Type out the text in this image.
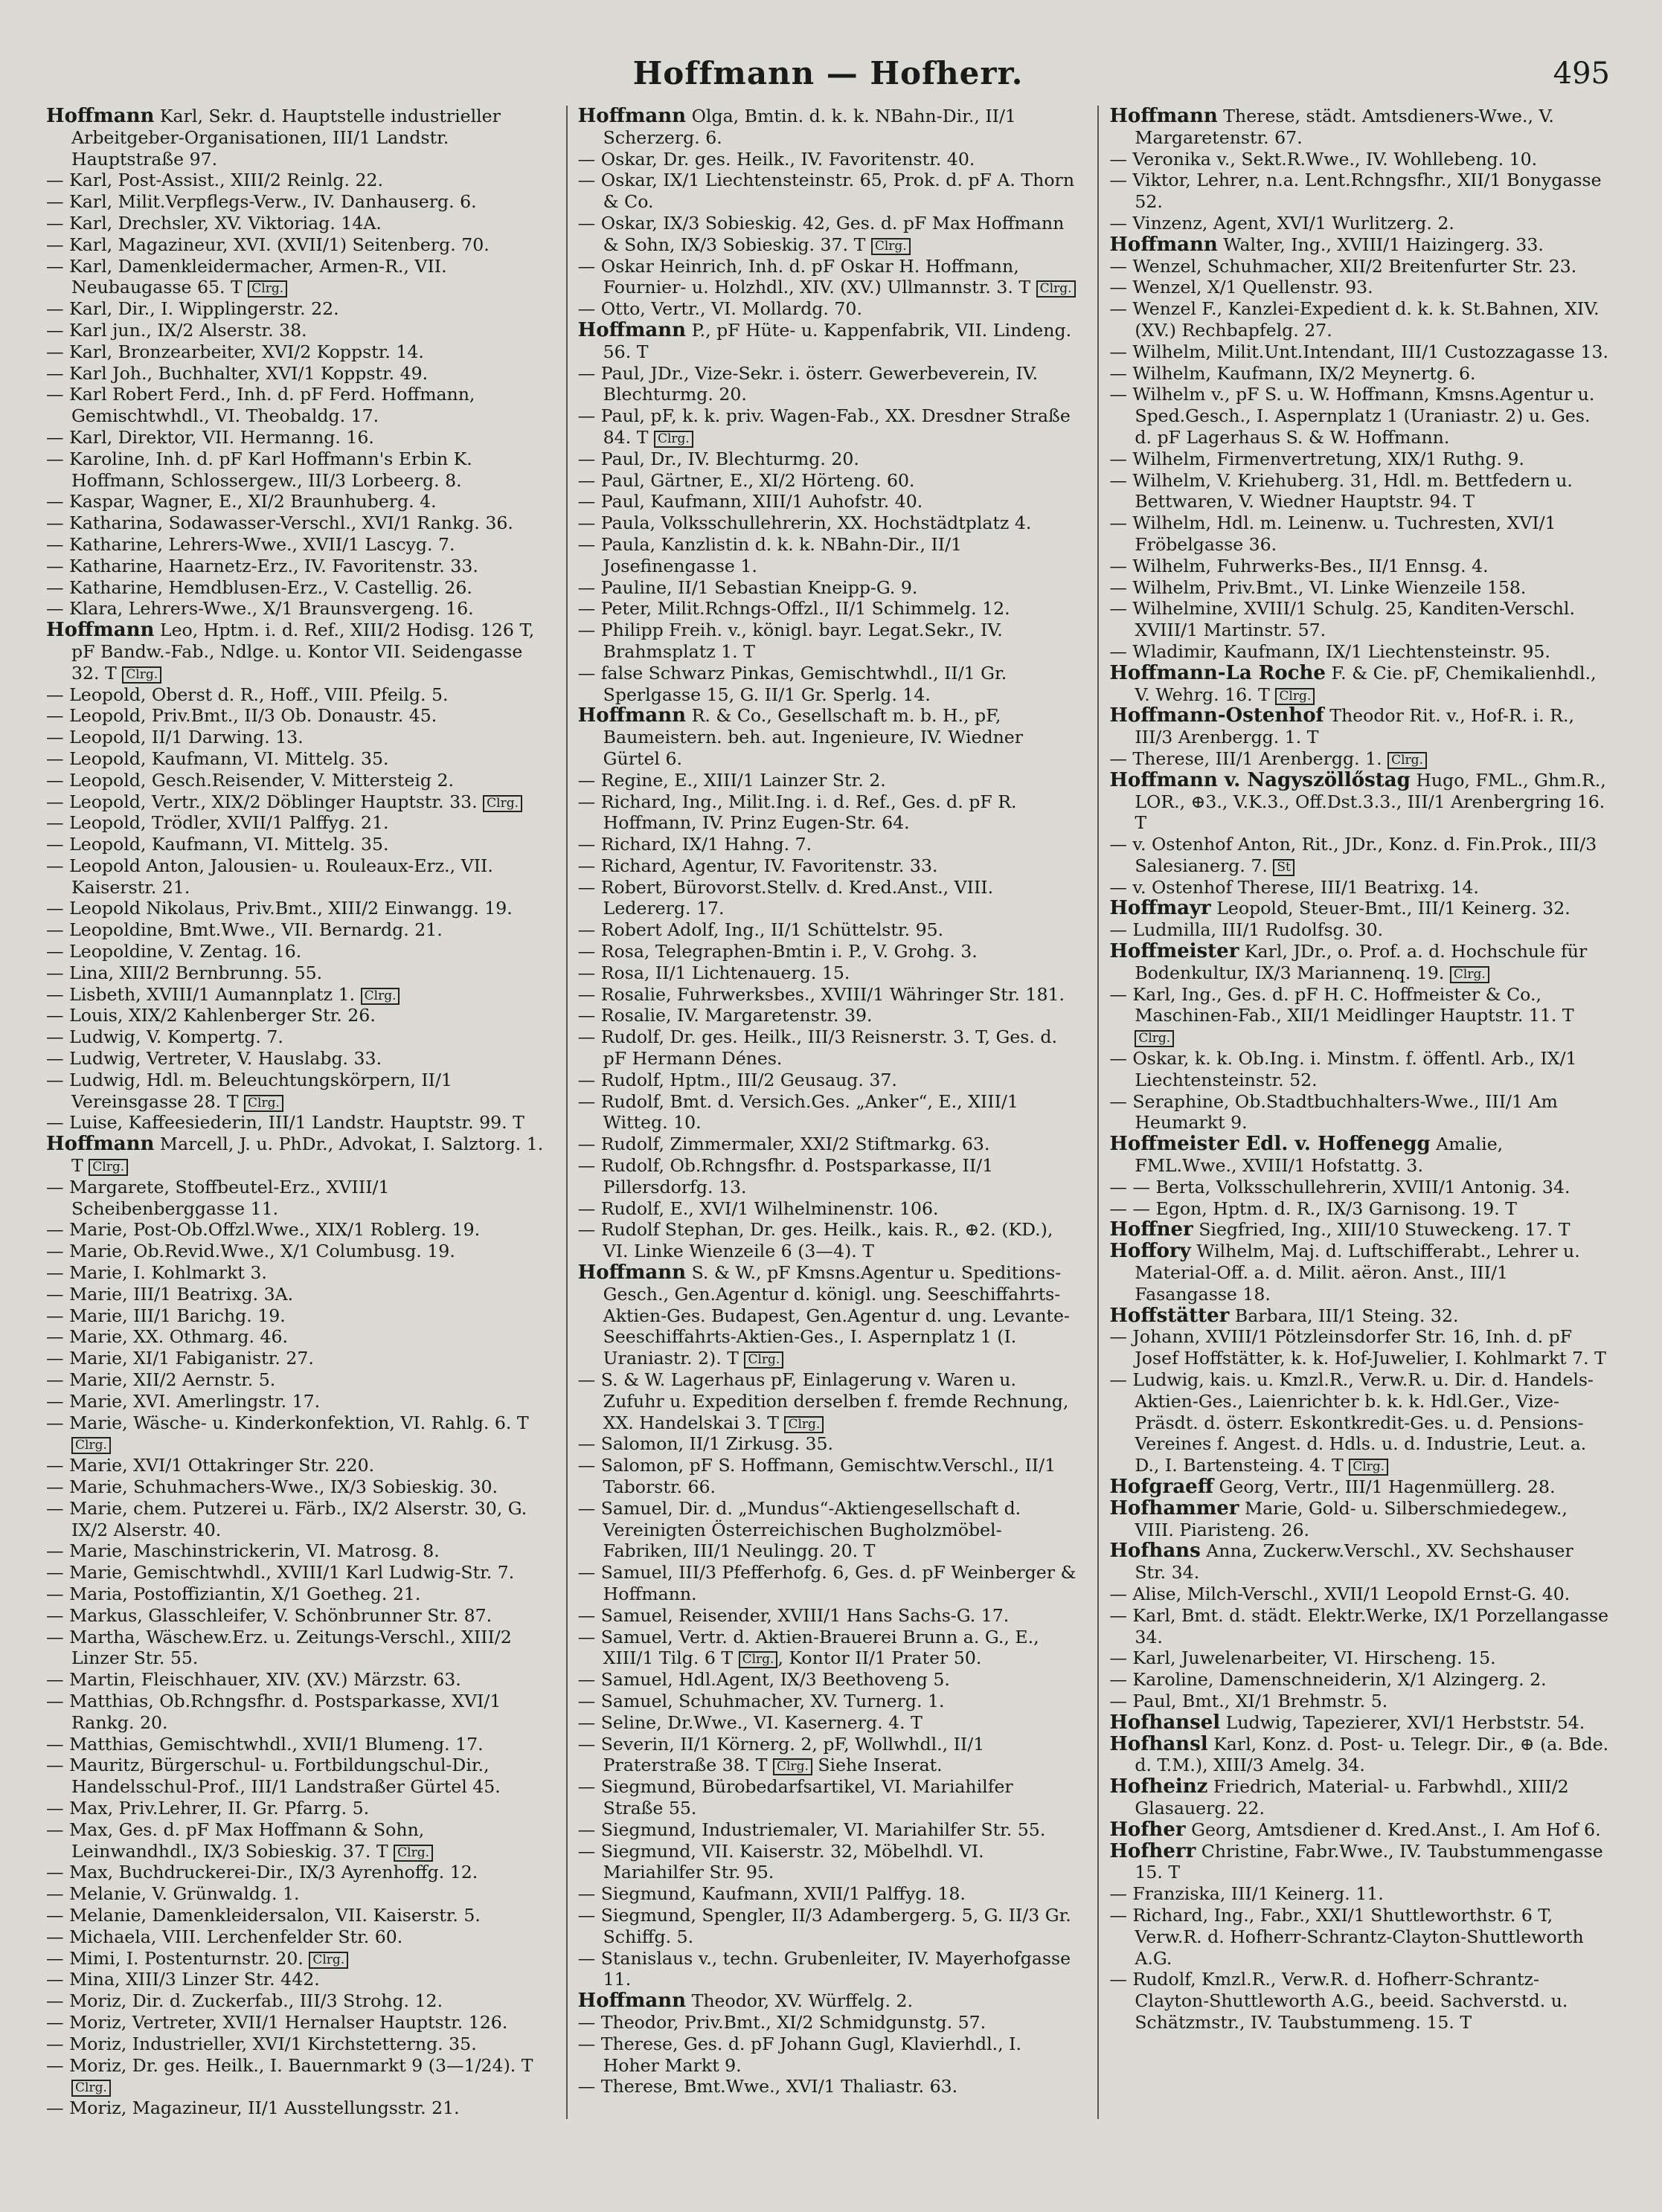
Hoffmann — Hofherr.	495
Hoffmann Karl, Sekr. d. Hauptstelle industrieller Arbeitgeber-Organisationen, III/1 Landstr. Hauptstraße 97.
— Karl, Post-Assist., XIII/2 Reinlg. 22.
— Karl, Milit.Verpflegs-Verw., IV. Danhauserg. 6.
— Karl, Drechsler, XV. Viktoriag. 14A.
— Karl, Magazineur, XVI. (XVII/1) Seitenberg. 70.
— Karl, Damenkleidermacher, Armen-R., VII. Neubaugasse 65. T Clrg.
— Karl, Dir., I. Wipplingerstr. 22.
— Karl jun., IX/2 Alserstr. 38.
— Karl, Bronzearbeiter, XVI/2 Koppstr. 14.
— Karl Joh., Buchhalter, XVI/1 Koppstr. 49.
— Karl Robert Ferd., Inh. d. pF Ferd. Hoffmann, Gemischtwhdl., VI. Theobaldg. 17.
— Karl, Direktor, VII. Hermanng. 16.
— Karoline, Inh. d. pF Karl Hoffmann's Erbin K. Hoffmann, Schlossergew., III/3 Lorbeerg. 8.
— Kaspar, Wagner, E., XI/2 Braunhuberg. 4.
— Katharina, Sodawasser-Verschl., XVI/1 Rankg. 36.
— Katharine, Lehrers-Wwe., XVII/1 Lascyg. 7.
— Katharine, Haarnetz-Erz., IV. Favoritenstr. 33.
— Katharine, Hemdblusen-Erz., V. Castellig. 26.
— Klara, Lehrers-Wwe., X/1 Braunsvergeng. 16.
Hoffmann Leo, Hptm. i. d. Ref., XIII/2 Hodisg. 126 T, pF Bandw.-Fab., Ndlge. u. Kontor VII. Seidengasse 32. T Clrg.
— Leopold, Oberst d. R., Hoff., VIII. Pfeilg. 5.
— Leopold, Priv.Bmt., II/3 Ob. Donaustr. 45.
— Leopold, II/1 Darwing. 13.
— Leopold, Kaufmann, VI. Mittelg. 35.
— Leopold, Gesch.Reisender, V. Mittersteig 2.
— Leopold, Vertr., XIX/2 Döblinger Hauptstr. 33. Clrg.
— Leopold, Trödler, XVII/1 Palffyg. 21.
— Leopold, Kaufmann, VI. Mittelg. 35.
— Leopold Anton, Jalousien- u. Rouleaux-Erz., VII. Kaiserstr. 21.
— Leopold Nikolaus, Priv.Bmt., XIII/2 Einwangg. 19.
— Leopoldine, Bmt.Wwe., VII. Bernardg. 21.
— Leopoldine, V. Zentag. 16.
— Lina, XIII/2 Bernbrunng. 55.
— Lisbeth, XVIII/1 Aumannplatz 1. Clrg.
— Louis, XIX/2 Kahlenberger Str. 26.
— Ludwig, V. Kompertg. 7.
— Ludwig, Vertreter, V. Hauslabg. 33.
— Ludwig, Hdl. m. Beleuchtungskörpern, II/1 Vereinsgasse 28. T Clrg.
— Luise, Kaffeesiederin, III/1 Landstr. Hauptstr. 99. T
Hoffmann Marcell, J. u. PhDr., Advokat, I. Salztorg. 1. T Clrg.
— Margarete, Stoffbeutel-Erz., XVIII/1 Scheibenberggasse 11.
— Marie, Post-Ob.Offzl.Wwe., XIX/1 Roblerg. 19.
— Marie, Ob.Revid.Wwe., X/1 Columbusg. 19.
— Marie, I. Kohlmarkt 3.
— Marie, III/1 Beatrixg. 3A.
— Marie, III/1 Barichg. 19.
— Marie, XX. Othmarg. 46.
— Marie, XI/1 Fabiganistr. 27.
— Marie, XII/2 Aernstr. 5.
— Marie, XVI. Amerlingstr. 17.
— Marie, Wäsche- u. Kinderkonfektion, VI. Rahlg. 6. T Clrg.
— Marie, XVI/1 Ottakringer Str. 220.
— Marie, Schuhmachers-Wwe., IX/3 Sobieskig. 30.
— Marie, chem. Putzerei u. Färb., IX/2 Alserstr. 30, G. IX/2 Alserstr. 40.
— Marie, Maschinstrickerin, VI. Matrosg. 8.
— Marie, Gemischtwhdl., XVIII/1 Karl Ludwig-Str. 7.
— Maria, Postoffiziantin, X/1 Goetheg. 21.
— Markus, Glasschleifer, V. Schönbrunner Str. 87.
— Martha, Wäschew.Erz. u. Zeitungs-Verschl., XIII/2 Linzer Str. 55.
— Martin, Fleischhauer, XIV. (XV.) Märzstr. 63.
— Matthias, Ob.Rchngsfhr. d. Postsparkasse, XVI/1 Rankg. 20.
— Matthias, Gemischtwhdl., XVII/1 Blumeng. 17.
— Mauritz, Bürgerschul- u. Fortbildungschul-Dir., Handelsschul-Prof., III/1 Landstraßer Gürtel 45.
— Max, Priv.Lehrer, II. Gr. Pfarrg. 5.
— Max, Ges. d. pF Max Hoffmann & Sohn, Leinwandhdl., IX/3 Sobieskig. 37. T Clrg.
— Max, Buchdruckerei-Dir., IX/3 Ayrenhoffg. 12.
— Melanie, V. Grünwaldg. 1.
— Melanie, Damenkleidersalon, VII. Kaiserstr. 5.
— Michaela, VIII. Lerchenfelder Str. 60.
— Mimi, I. Postenturnstr. 20. Clrg.
— Mina, XIII/3 Linzer Str. 442.
— Moriz, Dir. d. Zuckerfab., III/3 Strohg. 12.
— Moriz, Vertreter, XVII/1 Hernalser Hauptstr. 126.
— Moriz, Industrieller, XVI/1 Kirchstetterng. 35.
— Moriz, Dr. ges. Heilk., I. Bauernmarkt 9 (3—1/24). T Clrg.
— Moriz, Magazineur, II/1 Ausstellungsstr. 21.
Hoffmann Olga, Bmtin. d. k. k. NBahn-Dir., II/1 Scherzerg. 6.
— Oskar, Dr. ges. Heilk., IV. Favoritenstr. 40.
— Oskar, IX/1 Liechtensteinstr. 65, Prok. d. pF A. Thorn & Co.
— Oskar, IX/3 Sobieskig. 42, Ges. d. pF Max Hoffmann & Sohn, IX/3 Sobieskig. 37. T Clrg.
— Oskar Heinrich, Inh. d. pF Oskar H. Hoffmann, Fournier- u. Holzhdl., XIV. (XV.) Ullmannstr. 3. T Clrg.
— Otto, Vertr., VI. Mollardg. 70.
Hoffmann P., pF Hüte- u. Kappenfabrik, VII. Lindeng. 56. T
— Paul, JDr., Vize-Sekr. i. österr. Gewerbeverein, IV. Blechturmg. 20.
— Paul, pF, k. k. priv. Wagen-Fab., XX. Dresdner Straße 84. T Clrg.
— Paul, Dr., IV. Blechturmg. 20.
— Paul, Gärtner, E., XI/2 Hörteng. 60.
— Paul, Kaufmann, XIII/1 Auhofstr. 40.
— Paula, Volksschullehrerin, XX. Hochstädtplatz 4.
— Paula, Kanzlistin d. k. k. NBahn-Dir., II/1 Josefinengasse 1.
— Pauline, II/1 Sebastian Kneipp-G. 9.
— Peter, Milit.Rchngs-Offzl., II/1 Schimmelg. 12.
— Philipp Freih. v., königl. bayr. Legat.Sekr., IV. Brahmsplatz 1. T
— false Schwarz Pinkas, Gemischtwhdl., II/1 Gr. Sperlgasse 15, G. II/1 Gr. Sperlg. 14.
Hoffmann R. & Co., Gesellschaft m. b. H., pF, Baumeistern. beh. aut. Ingenieure, IV. Wiedner Gürtel 6.
— Regine, E., XIII/1 Lainzer Str. 2.
— Richard, Ing., Milit.Ing. i. d. Ref., Ges. d. pF R. Hoffmann, IV. Prinz Eugen-Str. 64.
— Richard, IX/1 Hahng. 7.
— Richard, Agentur, IV. Favoritenstr. 33.
— Robert, Bürovorst.Stellv. d. Kred.Anst., VIII. Ledererg. 17.
— Robert Adolf, Ing., II/1 Schüttelstr. 95.
— Rosa, Telegraphen-Bmtin i. P., V. Grohg. 3.
— Rosa, II/1 Lichtenauerg. 15.
— Rosalie, Fuhrwerksbes., XVIII/1 Währinger Str. 181.
— Rosalie, IV. Margaretenstr. 39.
— Rudolf, Dr. ges. Heilk., III/3 Reisnerstr. 3. T, Ges. d. pF Hermann Dénes.
— Rudolf, Hptm., III/2 Geusaug. 37.
— Rudolf, Bmt. d. Versich.Ges. „Anker“, E., XIII/1 Witteg. 10.
— Rudolf, Zimmermaler, XXI/2 Stiftmarkg. 63.
— Rudolf, Ob.Rchngsfhr. d. Postsparkasse, II/1 Pillersdorfg. 13.
— Rudolf, E., XVI/1 Wilhelminenstr. 106.
— Rudolf Stephan, Dr. ges. Heilk., kais. R., ⊕2. (KD.), VI. Linke Wienzeile 6 (3—4). T
Hoffmann S. & W., pF Kmsns.Agentur u. Speditions-Gesch., Gen.Agentur d. königl. ung. Seeschiffahrts-Aktien-Ges. Budapest, Gen.Agentur d. ung. Levante-Seeschiffahrts-Aktien-Ges., I. Aspernplatz 1 (I. Uraniastr. 2). T Clrg.
— S. & W. Lagerhaus pF, Einlagerung v. Waren u. Zufuhr u. Expedition derselben f. fremde Rechnung, XX. Handelskai 3. T Clrg.
— Salomon, II/1 Zirkusg. 35.
— Salomon, pF S. Hoffmann, Gemischtw.Verschl., II/1 Taborstr. 66.
— Samuel, Dir. d. „Mundus“-Aktiengesellschaft d. Vereinigten Österreichischen Bugholzmöbel-Fabriken, III/1 Neulingg. 20. T
— Samuel, III/3 Pfefferhofg. 6, Ges. d. pF Weinberger & Hoffmann.
— Samuel, Reisender, XVIII/1 Hans Sachs-G. 17.
— Samuel, Vertr. d. Aktien-Brauerei Brunn a. G., E., XIII/1 Tilg. 6 T Clrg. , Kontor II/1 Prater 50.
— Samuel, Hdl.Agent, IX/3 Beethoveng 5.
— Samuel, Schuhmacher, XV. Turnerg. 1.
— Seline, Dr.Wwe., VI. Kasernerg. 4. T
— Severin, II/1 Körnerg. 2, pF, Wollwhdl., II/1 Praterstraße 38. T Clrg. Siehe Inserat.
— Siegmund, Bürobedarfsartikel, VI. Mariahilfer Straße 55.
— Siegmund, Industriemaler, VI. Mariahilfer Str. 55.
— Siegmund, VII. Kaiserstr. 32, Möbelhdl. VI. Mariahilfer Str. 95.
— Siegmund, Kaufmann, XVII/1 Palffyg. 18.
— Siegmund, Spengler, II/3 Adambergerg. 5, G. II/3 Gr. Schiffg. 5.
— Stanislaus v., techn. Grubenleiter, IV. Mayerhofgasse 11.
Hoffmann Theodor, XV. Würffelg. 2.
— Theodor, Priv.Bmt., XI/2 Schmidgunstg. 57.
— Therese, Ges. d. pF Johann Gugl, Klavierhdl., I. Hoher Markt 9.
— Therese, Bmt.Wwe., XVI/1 Thaliastr. 63.
Hoffmann Therese, städt. Amtsdieners-Wwe., V. Margaretenstr. 67.
— Veronika v., Sekt.R.Wwe., IV. Wohllebeng. 10.
— Viktor, Lehrer, n.a. Lent.Rchngsfhr., XII/1 Bonygasse 52.
— Vinzenz, Agent, XVI/1 Wurlitzerg. 2.
Hoffmann Walter, Ing., XVIII/1 Haizingerg. 33.
— Wenzel, Schuhmacher, XII/2 Breitenfurter Str. 23.
— Wenzel, X/1 Quellenstr. 93.
— Wenzel F., Kanzlei-Expedient d. k. k. St.Bahnen, XIV. (XV.) Rechbapfelg. 27.
— Wilhelm, Milit.Unt.Intendant, III/1 Custozzagasse 13.
— Wilhelm, Kaufmann, IX/2 Meynertg. 6.
— Wilhelm v., pF S. u. W. Hoffmann, Kmsns.Agentur u. Sped.Gesch., I. Aspernplatz 1 (Uraniastr. 2) u. Ges. d. pF Lagerhaus S. & W. Hoffmann.
— Wilhelm, Firmenvertretung, XIX/1 Ruthg. 9.
— Wilhelm, V. Kriehuberg. 31, Hdl. m. Bettfedern u. Bettwaren, V. Wiedner Hauptstr. 94. T
— Wilhelm, Hdl. m. Leinenw. u. Tuchresten, XVI/1 Fröbelgasse 36.
— Wilhelm, Fuhrwerks-Bes., II/1 Ennsg. 4.
— Wilhelm, Priv.Bmt., VI. Linke Wienzeile 158.
— Wilhelmine, XVIII/1 Schulg. 25, Kanditen-Verschl. XVIII/1 Martinstr. 57.
— Wladimir, Kaufmann, IX/1 Liechtensteinstr. 95.
Hoffmann-La Roche F. & Cie. pF, Chemikalienhdl., V. Wehrg. 16. T Clrg.
Hoffmann-Ostenhof Theodor Rit. v., Hof-R. i. R., III/3 Arenbergg. 1. T
— Therese, III/1 Arenbergg. 1. Clrg.
Hoffmann v. Nagyszöllőstag Hugo, FML., Ghm.R., LOR., ⊕3., V.K.3., Off.Dst.3.3., III/1 Arenbergring 16. T
— v. Ostenhof Anton, Rit., JDr., Konz. d. Fin.Prok., III/3 Salesianerg. 7. St
— v. Ostenhof Therese, III/1 Beatrixg. 14.
Hoffmayr Leopold, Steuer-Bmt., III/1 Keinerg. 32.
— Ludmilla, III/1 Rudolfsg. 30.
Hoffmeister Karl, JDr., o. Prof. a. d. Hochschule für Bodenkultur, IX/3 Mariannenq. 19. Clrg.
— Karl, Ing., Ges. d. pF H. C. Hoffmeister & Co., Maschinen-Fab., XII/1 Meidlinger Hauptstr. 11. T Clrg.
— Oskar, k. k. Ob.Ing. i. Minstm. f. öffentl. Arb., IX/1 Liechtensteinstr. 52.
— Seraphine, Ob.Stadtbuchhalters-Wwe., III/1 Am Heumarkt 9.
Hoffmeister Edl. v. Hoffenegg Amalie, FML.Wwe., XVIII/1 Hofstattg. 3.
— — Berta, Volksschullehrerin, XVIII/1 Antonig. 34.
— — Egon, Hptm. d. R., IX/3 Garnisong. 19. T
Hoffner Siegfried, Ing., XIII/10 Stuweckeng. 17. T
Hoffory Wilhelm, Maj. d. Luftschifferabt., Lehrer u. Material-Off. a. d. Milit. aëron. Anst., III/1 Fasangasse 18.
Hoffstätter Barbara, III/1 Steing. 32.
— Johann, XVIII/1 Pötzleinsdorfer Str. 16, Inh. d. pF Josef Hoffstätter, k. k. Hof-Juwelier, I. Kohlmarkt 7. T
— Ludwig, kais. u. Kmzl.R., Verw.R. u. Dir. d. Handels-Aktien-Ges., Laienrichter b. k. k. Hdl.Ger., Vize-Präsdt. d. österr. Eskontkredit-Ges. u. d. Pensions-Vereines f. Angest. d. Hdls. u. d. Industrie, Leut. a. D., I. Bartensteing. 4. T Clrg.
Hofgraeff Georg, Vertr., III/1 Hagenmüllerg. 28.
Hofhammer Marie, Gold- u. Silberschmiedegew., VIII. Piaristeng. 26.
Hofhans Anna, Zuckerw.Verschl., XV. Sechshauser Str. 34.
— Alise, Milch-Verschl., XVII/1 Leopold Ernst-G. 40.
— Karl, Bmt. d. städt. Elektr.Werke, IX/1 Porzellangasse 34.
— Karl, Juwelenarbeiter, VI. Hirscheng. 15.
— Karoline, Damenschneiderin, X/1 Alzingerg. 2.
— Paul, Bmt., XI/1 Brehmstr. 5.
Hofhansel Ludwig, Tapezierer, XVI/1 Herbststr. 54.
Hofhansl Karl, Konz. d. Post- u. Telegr. Dir., ⊕ (a. Bde. d. T.M.), XIII/3 Amelg. 34.
Hofheinz Friedrich, Material- u. Farbwhdl., XIII/2 Glasauerg. 22.
Hofher Georg, Amtsdiener d. Kred.Anst., I. Am Hof 6.
Hofherr Christine, Fabr.Wwe., IV. Taubstummengasse 15. T
— Franziska, III/1 Keinerg. 11.
— Richard, Ing., Fabr., XXI/1 Shuttleworthstr. 6 T, Verw.R. d. Hofherr-Schrantz-Clayton-Shuttleworth A.G.
— Rudolf, Kmzl.R., Verw.R. d. Hofherr-Schrantz-Clayton-Shuttleworth A.G., beeid. Sachverstd. u. Schätzmstr., IV. Taubstummeng. 15. T
